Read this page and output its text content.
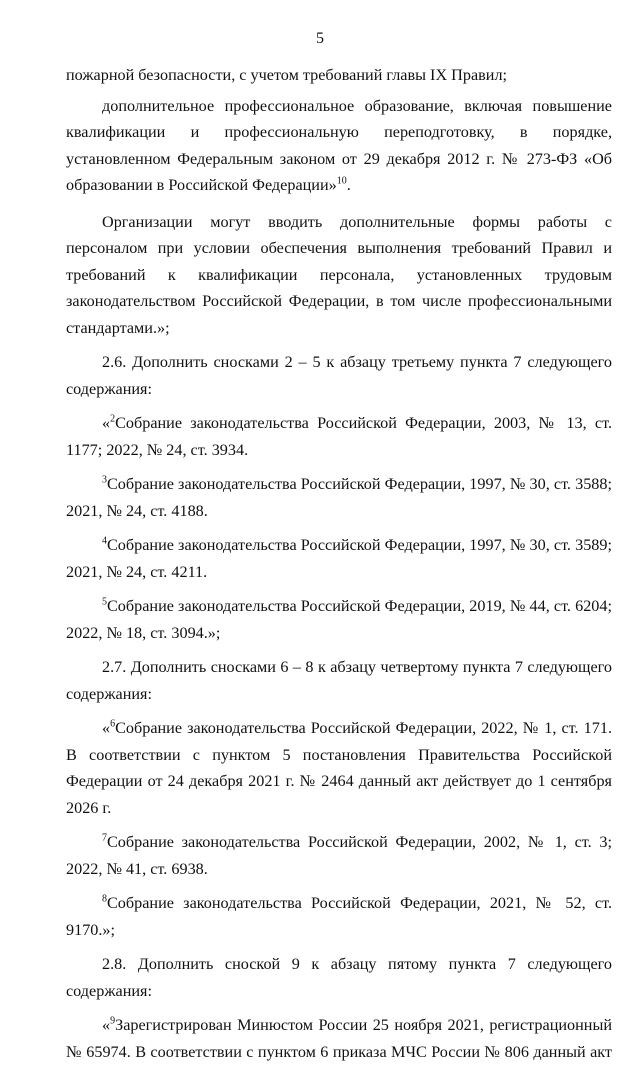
5

пожарной безопасности, с учетом требований главы IX Правил;

дополнительное профессиональное образование, включая повышение квалификации и профессиональную переподготовку, в порядке, установленном Федеральным законом от 29 декабря 2012 г. № 273-ФЗ «Об образовании в Российской Федерации»$^{10}$.

Организации могут вводить дополнительные формы работы с персоналом при условии обеспечения выполнения требований Правил и требований к квалификации персонала, установленных трудовым законодательством Российской Федерации, в том числе профессиональными стандартами.»;

2.6. Дополнить сносками 2 – 5 к абзацу третьему пункта 7 следующего содержания:

«$^2$Собрание законодательства Российской Федерации, 2003, № 13, ст. 1177; 2022, № 24, ст. 3934.

$^3$Собрание законодательства Российской Федерации, 1997, № 30, ст. 3588; 2021, № 24, ст. 4188.

$^4$Собрание законодательства Российской Федерации, 1997, № 30, ст. 3589; 2021, № 24, ст. 4211.

$^5$Собрание законодательства Российской Федерации, 2019, № 44, ст. 6204; 2022, № 18, ст. 3094.»;

2.7. Дополнить сносками 6 – 8 к абзацу четвертому пункта 7 следующего содержания:

«$^6$Собрание законодательства Российской Федерации, 2022, № 1, ст. 171. В соответствии с пунктом 5 постановления Правительства Российской Федерации от 24 декабря 2021 г. № 2464 данный акт действует до 1 сентября 2026 г.

$^7$Собрание законодательства Российской Федерации, 2002, № 1, ст. 3; 2022, № 41, ст. 6938.

$^8$Собрание законодательства Российской Федерации, 2021, № 52, ст. 9170.»;

2.8. Дополнить сноской 9 к абзацу пятому пункта 7 следующего содержания:

«$^9$Зарегистрирован Минюстом России 25 ноября 2021, регистрационный № 65974. В соответствии с пунктом 6 приказа МЧС России № 806 данный акт
